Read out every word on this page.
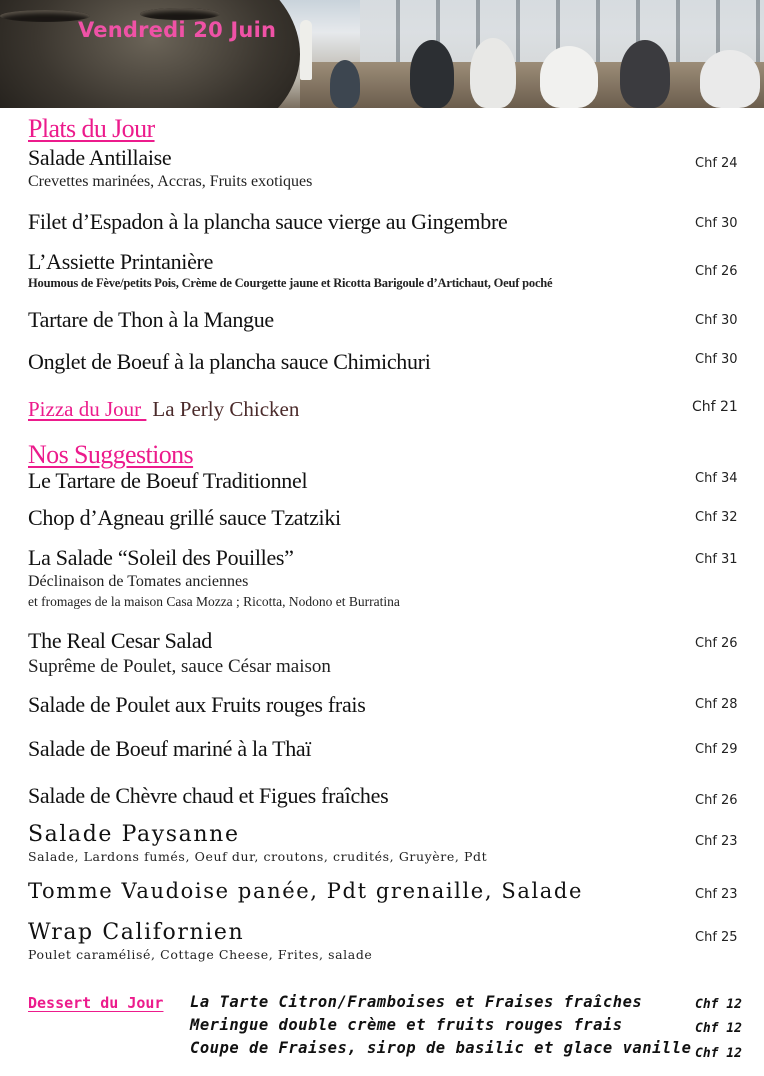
Vendredi 20 Juin
Plats du Jour
Salade Antillaise
Crevettes marinées, Accras, Fruits exotiques
Chf 24
Filet d’Espadon à la plancha sauce vierge au Gingembre	Chf 30
L’Assiette Printanière
Houmous de Fève/petits Pois, Crème de Courgette jaune et Ricotta Barigoule d’Artichaut, Oeuf poché
Chf 26
Tartare de Thon à la Mangue	Chf 30
Onglet de Boeuf à la plancha sauce Chimichuri	Chf 30
Pizza du Jour La Perly Chicken	Chf 21
Nos Suggestions
Le Tartare de Boeuf Traditionnel	Chf 34
Chop d’Agneau grillé sauce Tzatziki	Chf 32
La Salade “Soleil des Pouilles”
Déclinaison de Tomates anciennes
et fromages de la maison Casa Mozza ; Ricotta, Nodono et Burratina
Chf 31
The Real Cesar Salad
Suprême de Poulet, sauce César maison
Chf 26
Salade de Poulet aux Fruits rouges frais	Chf 28
Salade de Boeuf mariné à la Thaï	Chf 29
Salade de Chèvre chaud et Figues fraîches	Chf 26
Salade Paysanne
Salade, Lardons fumés, Oeuf dur, croutons, crudités, Gruyère, Pdt
Chf 23
Tomme Vaudoise panée, Pdt grenaille, Salade	Chf 23
Wrap Californien
Poulet caramélisé, Cottage Cheese, Frites, salade
Chf 25
Dessert du Jour La Tarte Citron/Framboises et Fraises fraîches	Chf 12
Meringue double crème et fruits rouges frais	Chf 12
Coupe de Fraises, sirop de basilic et glace vanille Chf 12
